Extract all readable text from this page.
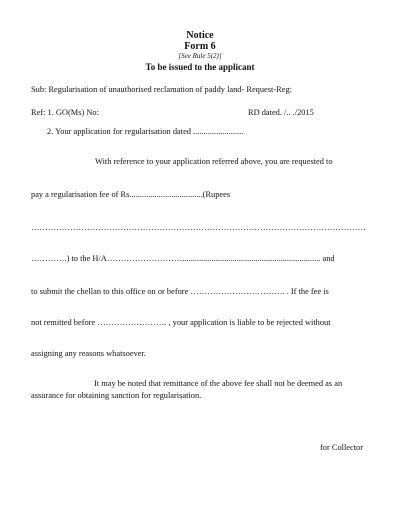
Notice
Form 6
[See Rule 5(2)]
To be issued to the applicant
Sub: Regularisation of unauthorised reclamation of paddy land- Request-Reg:
Ref: 1. GO(Ms) No:	RD dated. /.. ./2015
2. Your application for regularisation dated ........................
With reference to your application referred above, you are requested to
pay a regularisation fee of Rs...................................(Rupees
…………………………………………………………………………………………………………
………….) to the H/A……………………….................................................................. and
to submit the chellan to this office on or before ……………………………. . If the fee is
not remitted before ……………………. , your application is liable to be rejected without
assigning any reasons whatsoever.
It may be noted that remittance of the above fee shall not be deemed as an
assurance for obtaining sanction for regularisation.
for Collector
